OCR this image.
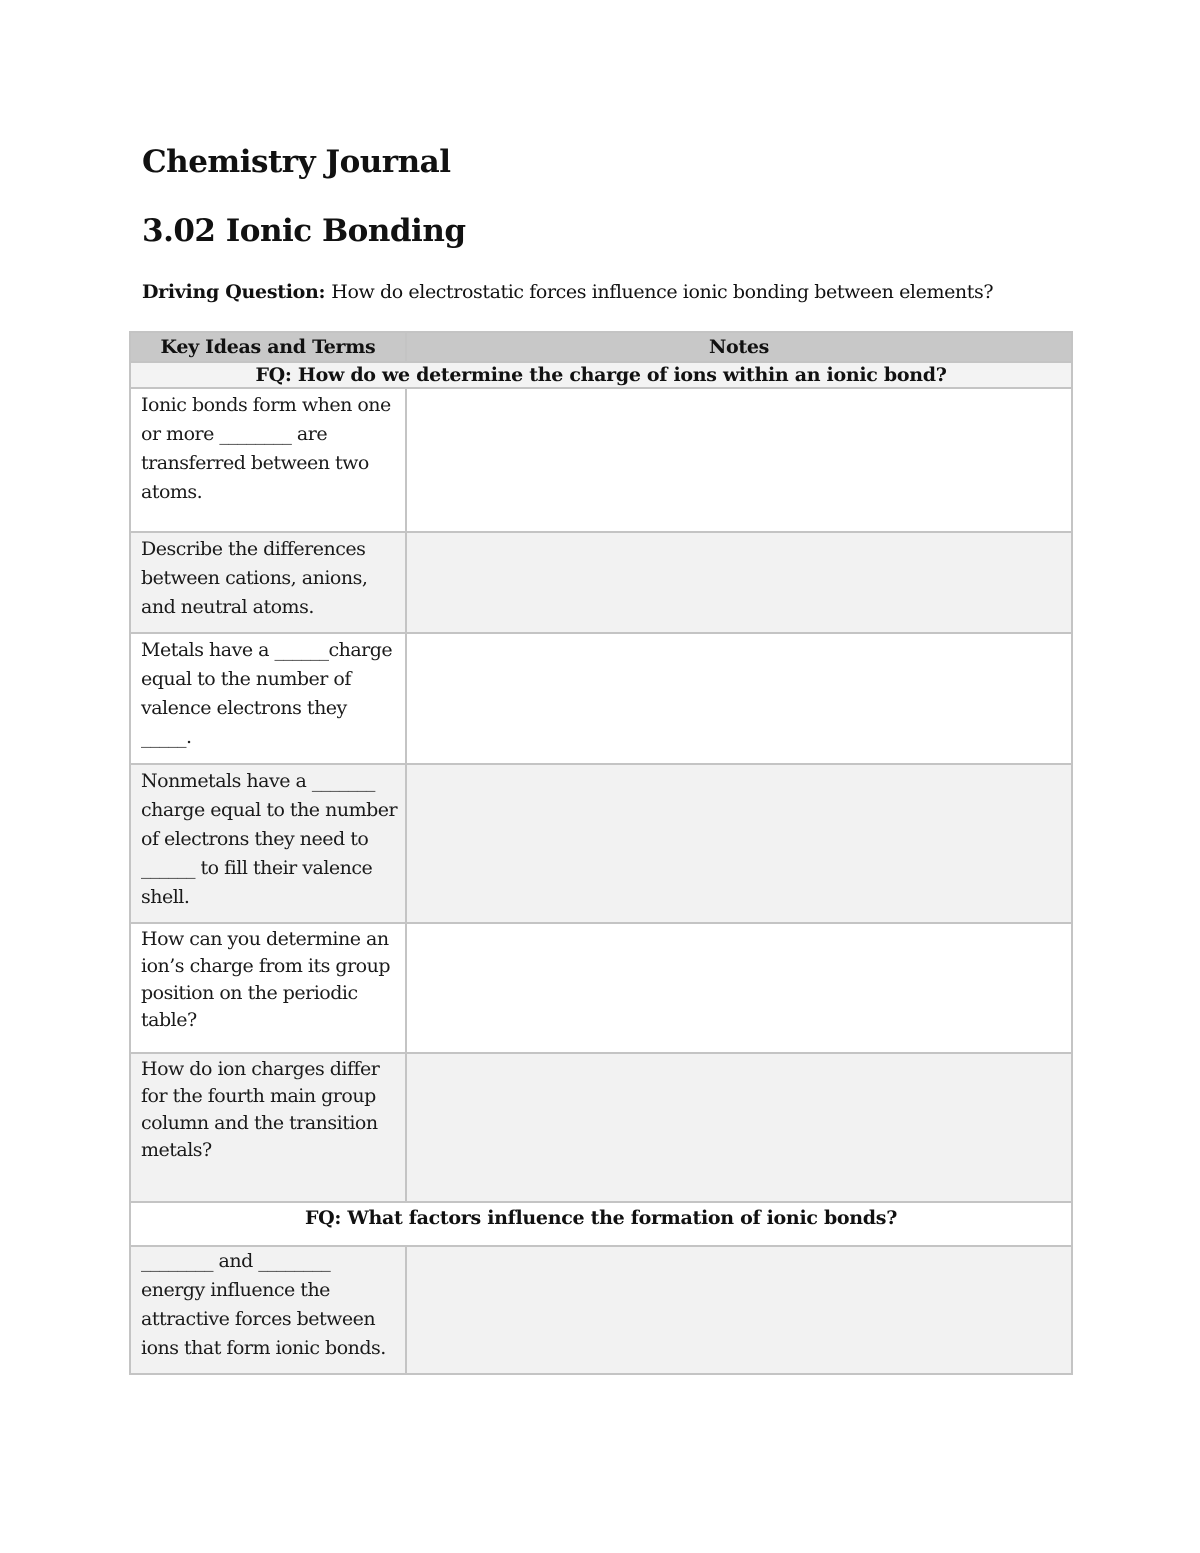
Chemistry Journal
3.02 Ionic Bonding

Driving Question: How do electrostatic forces influence ionic bonding between elements?

Key Ideas and Terms	Notes
FQ: How do we determine the charge of ions within an ionic bond?	
Ionic bonds form when one or more ________ are transferred between two atoms.	
Describe the differences between cations, anions, and neutral atoms.	
Metals have a ______charge equal to the number of valence electrons they _____.	
Nonmetals have a _______ charge equal to the number of electrons they need to ______ to fill their valence shell.	
How can you determine an ion’s charge from its group position on the periodic table?	
How do ion charges differ for the fourth main group column and the transition metals?	
FQ: What factors influence the formation of ionic bonds?	
________ and ________ energy influence the attractive forces between ions that form ionic bonds.	
